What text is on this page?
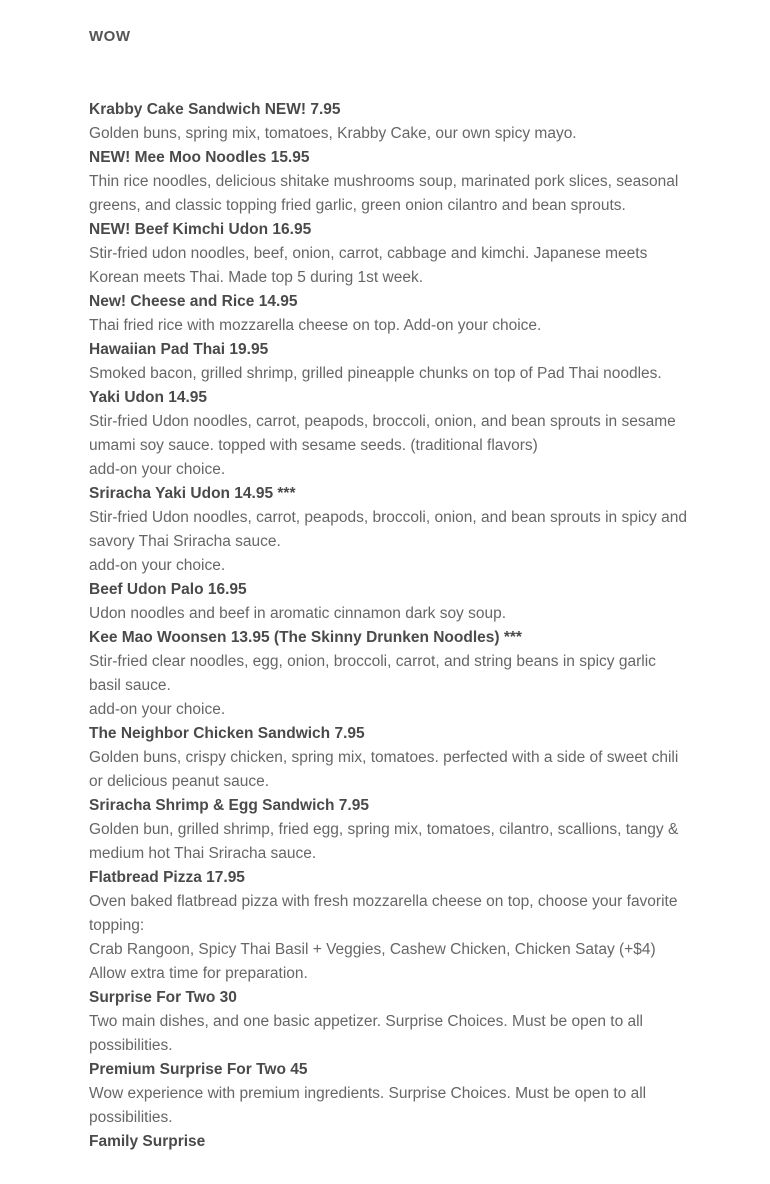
WOW
Krabby Cake Sandwich NEW! 7.95
Golden buns, spring mix, tomatoes, Krabby Cake, our own spicy mayo.
NEW! Mee Moo Noodles 15.95
Thin rice noodles, delicious shitake mushrooms soup, marinated pork slices, seasonal greens, and classic topping fried garlic, green onion cilantro and bean sprouts.
NEW! Beef Kimchi Udon 16.95
Stir-fried udon noodles, beef, onion, carrot, cabbage and kimchi. Japanese meets Korean meets Thai. Made top 5 during 1st week.
New! Cheese and Rice 14.95
Thai fried rice with mozzarella cheese on top. Add-on your choice.
Hawaiian Pad Thai 19.95
Smoked bacon, grilled shrimp, grilled pineapple chunks on top of Pad Thai noodles.
Yaki Udon 14.95
Stir-fried Udon noodles, carrot, peapods, broccoli, onion, and bean sprouts in sesame umami soy sauce. topped with sesame seeds. (traditional flavors)
add-on your choice.
Sriracha Yaki Udon 14.95 ***
Stir-fried Udon noodles, carrot, peapods, broccoli, onion, and bean sprouts in spicy and savory Thai Sriracha sauce.
add-on your choice.
Beef Udon Palo 16.95
Udon noodles and beef in aromatic cinnamon dark soy soup.
Kee Mao Woonsen 13.95 (The Skinny Drunken Noodles) ***
Stir-fried clear noodles, egg, onion, broccoli, carrot, and string beans in spicy garlic basil sauce.
add-on your choice.
The Neighbor Chicken Sandwich 7.95
Golden buns, crispy chicken, spring mix, tomatoes. perfected with a side of sweet chili or delicious peanut sauce.
Sriracha Shrimp & Egg Sandwich 7.95
Golden bun, grilled shrimp, fried egg, spring mix, tomatoes, cilantro, scallions, tangy & medium hot Thai Sriracha sauce.
Flatbread Pizza 17.95
Oven baked flatbread pizza with fresh mozzarella cheese on top, choose your favorite topping:
Crab Rangoon, Spicy Thai Basil + Veggies, Cashew Chicken, Chicken Satay (+$4)
Allow extra time for preparation.
Surprise For Two 30
Two main dishes, and one basic appetizer. Surprise Choices. Must be open to all possibilities.
Premium Surprise For Two 45
Wow experience with premium ingredients. Surprise Choices. Must be open to all possibilities.
Family Surprise
